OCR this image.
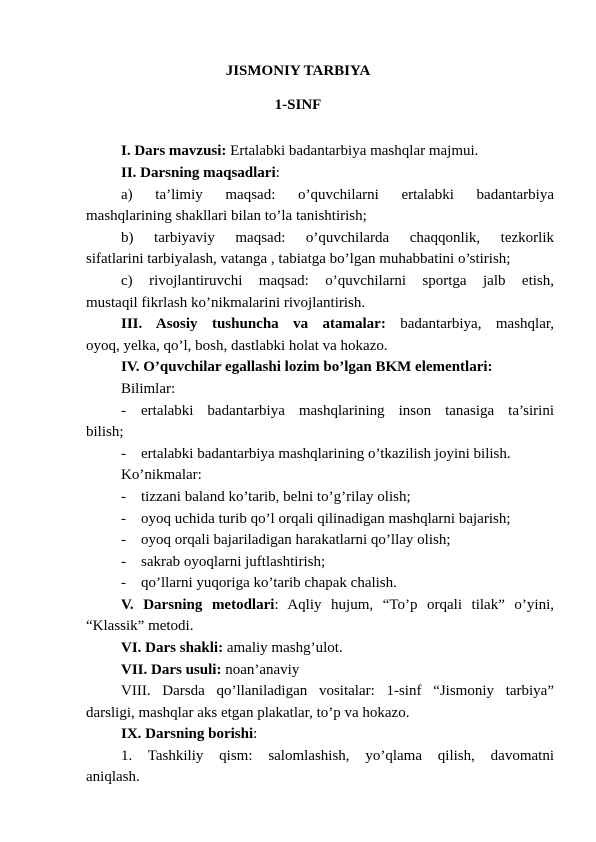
JISMONIY TARBIYA
1-SINF
I. Dars mavzusi: Ertalabki badantarbiya mashqlar majmui.
II. Darsning maqsadlari:
a) ta’limiy maqsad: o’quvchilarni ertalabki badantarbiya
mashqlarining shakllari bilan to’la tanishtirish;
b) tarbiyaviy maqsad: o’quvchilarda chaqqonlik, tezkorlik
sifatlarini tarbiyalash, vatanga , tabiatga bo’lgan muhabbatini o’stirish;
c) rivojlantiruvchi maqsad: o’quvchilarni sportga jalb etish,
mustaqil fikrlash ko’nikmalarini rivojlantirish.
III. Asosiy tushuncha va atamalar: badantarbiya, mashqlar,
oyoq, yelka, qo’l, bosh, dastlabki holat va hokazo.
IV. O’quvchilar egallashi lozim bo’lgan BKM elementlari:
Bilimlar:
- ertalabki badantarbiya mashqlarining inson tanasiga ta’sirini
bilish;
- ertalabki badantarbiya mashqlarining o’tkazilish joyini bilish.
Ko’nikmalar:
- tizzani baland ko’tarib, belni to’g’rilay olish;
- oyoq uchida turib qo’l orqali qilinadigan mashqlarni bajarish;
- oyoq orqali bajariladigan harakatlarni qo’llay olish;
- sakrab oyoqlarni juftlashtirish;
- qo’llarni yuqoriga ko’tarib chapak chalish.
V. Darsning metodlari: Aqliy hujum, “To’p orqali tilak” o’yini,
“Klassik” metodi.
VI. Dars shakli: amaliy mashg’ulot.
VII. Dars usuli: noan’anaviy
VIII. Darsda qo’llaniladigan vositalar: 1-sinf “Jismoniy tarbiya”
darsligi, mashqlar aks etgan plakatlar, to’p va hokazo.
IX. Darsning borishi:
1. Tashkiliy qism: salomlashish, yo’qlama qilish, davomatni
aniqlash.
